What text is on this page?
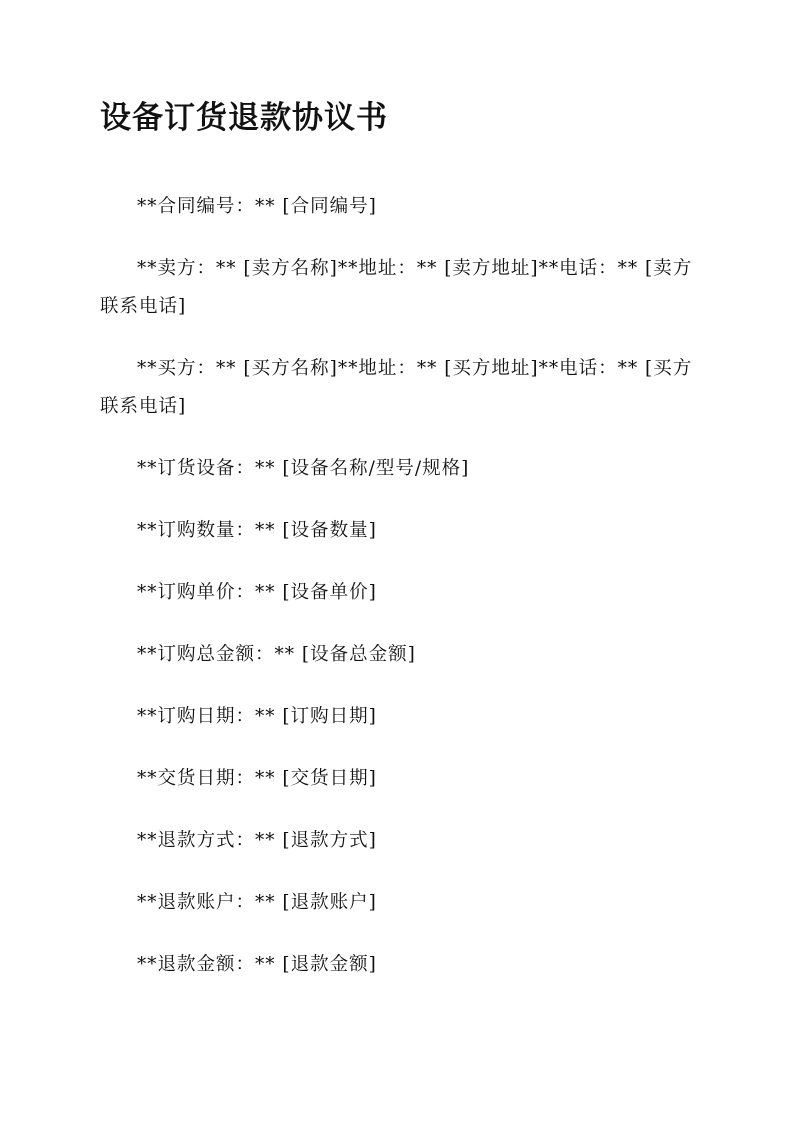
设备订货退款协议书

**合同编号：** [合同编号]

**卖方：** [卖方名称]**地址：** [卖方地址]**电话：** [卖方联系电话]

**买方：** [买方名称]**地址：** [买方地址]**电话：** [买方联系电话]

**订货设备：** [设备名称/型号/规格]

**订购数量：** [设备数量]

**订购单价：** [设备单价]

**订购总金额：** [设备总金额]

**订购日期：** [订购日期]

**交货日期：** [交货日期]

**退款方式：** [退款方式]

**退款账户：** [退款账户]

**退款金额：** [退款金额]
